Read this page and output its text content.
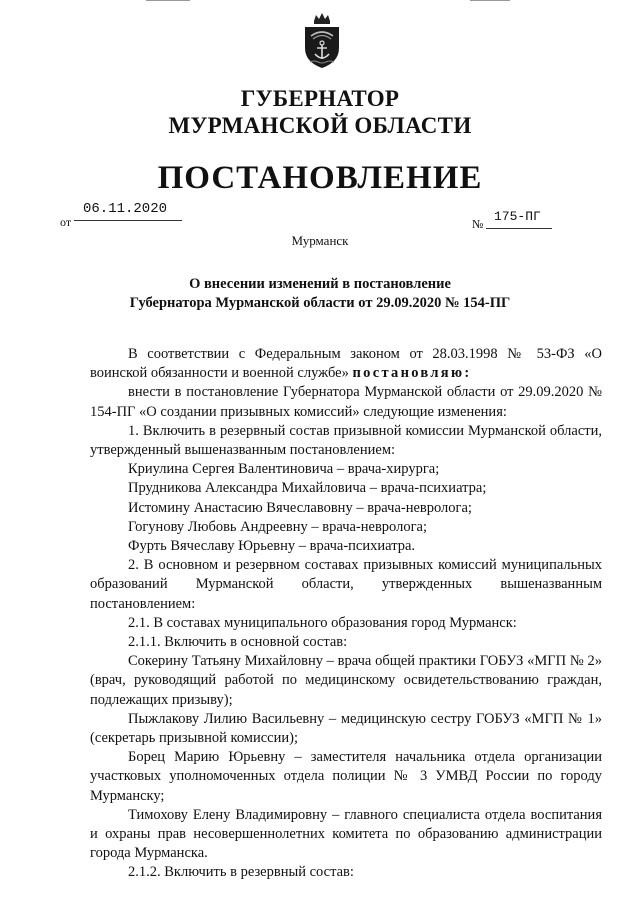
ГУБЕРНАТОР
МУРМАНСКОЙ ОБЛАСТИ
ПОСТАНОВЛЕНИЕ
от
06.11.2020
№ 175-ПГ
Мурманск
О внесении изменений в постановление
Губернатора Мурманской области от 29.09.2020 № 154-ПГ

В соответствии с Федеральным законом от 28.03.1998 № 53-ФЗ «О воинской обязанности и военной службе» постановляю:

внести в постановление Губернатора Мурманской области от 29.09.2020 № 154-ПГ «О создании призывных комиссий» следующие изменения:

1. Включить в резервный состав призывной комиссии Мурманской области, утвержденный вышеназванным постановлением:

Криулина Сергея Валентиновича – врача-хирурга;

Прудникова Александра Михайловича – врача-психиатра;

Истомину Анастасию Вячеславовну – врача-невролога;

Гогунову Любовь Андреевну – врача-невролога;

Фурть Вячеславу Юрьевну – врача-психиатра.

2. В основном и резервном составах призывных комиссий муниципальных образований Мурманской области, утвержденных вышеназванным постановлением:

2.1. В составах муниципального образования город Мурманск:

2.1.1. Включить в основной состав:

Сокерину Татьяну Михайловну – врача общей практики ГОБУЗ «МГП № 2» (врач, руководящий работой по медицинскому освидетельствованию граждан, подлежащих призыву);

Пыжлакову Лилию Васильевну – медицинскую сестру ГОБУЗ «МГП № 1» (секретарь призывной комиссии);

Борец Марию Юрьевну – заместителя начальника отдела организации участковых уполномоченных отдела полиции № 3 УМВД России по городу Мурманску;

Тимохову Елену Владимировну – главного специалиста отдела воспитания и охраны прав несовершеннолетних комитета по образованию администрации города Мурманска.

2.1.2. Включить в резервный состав:
